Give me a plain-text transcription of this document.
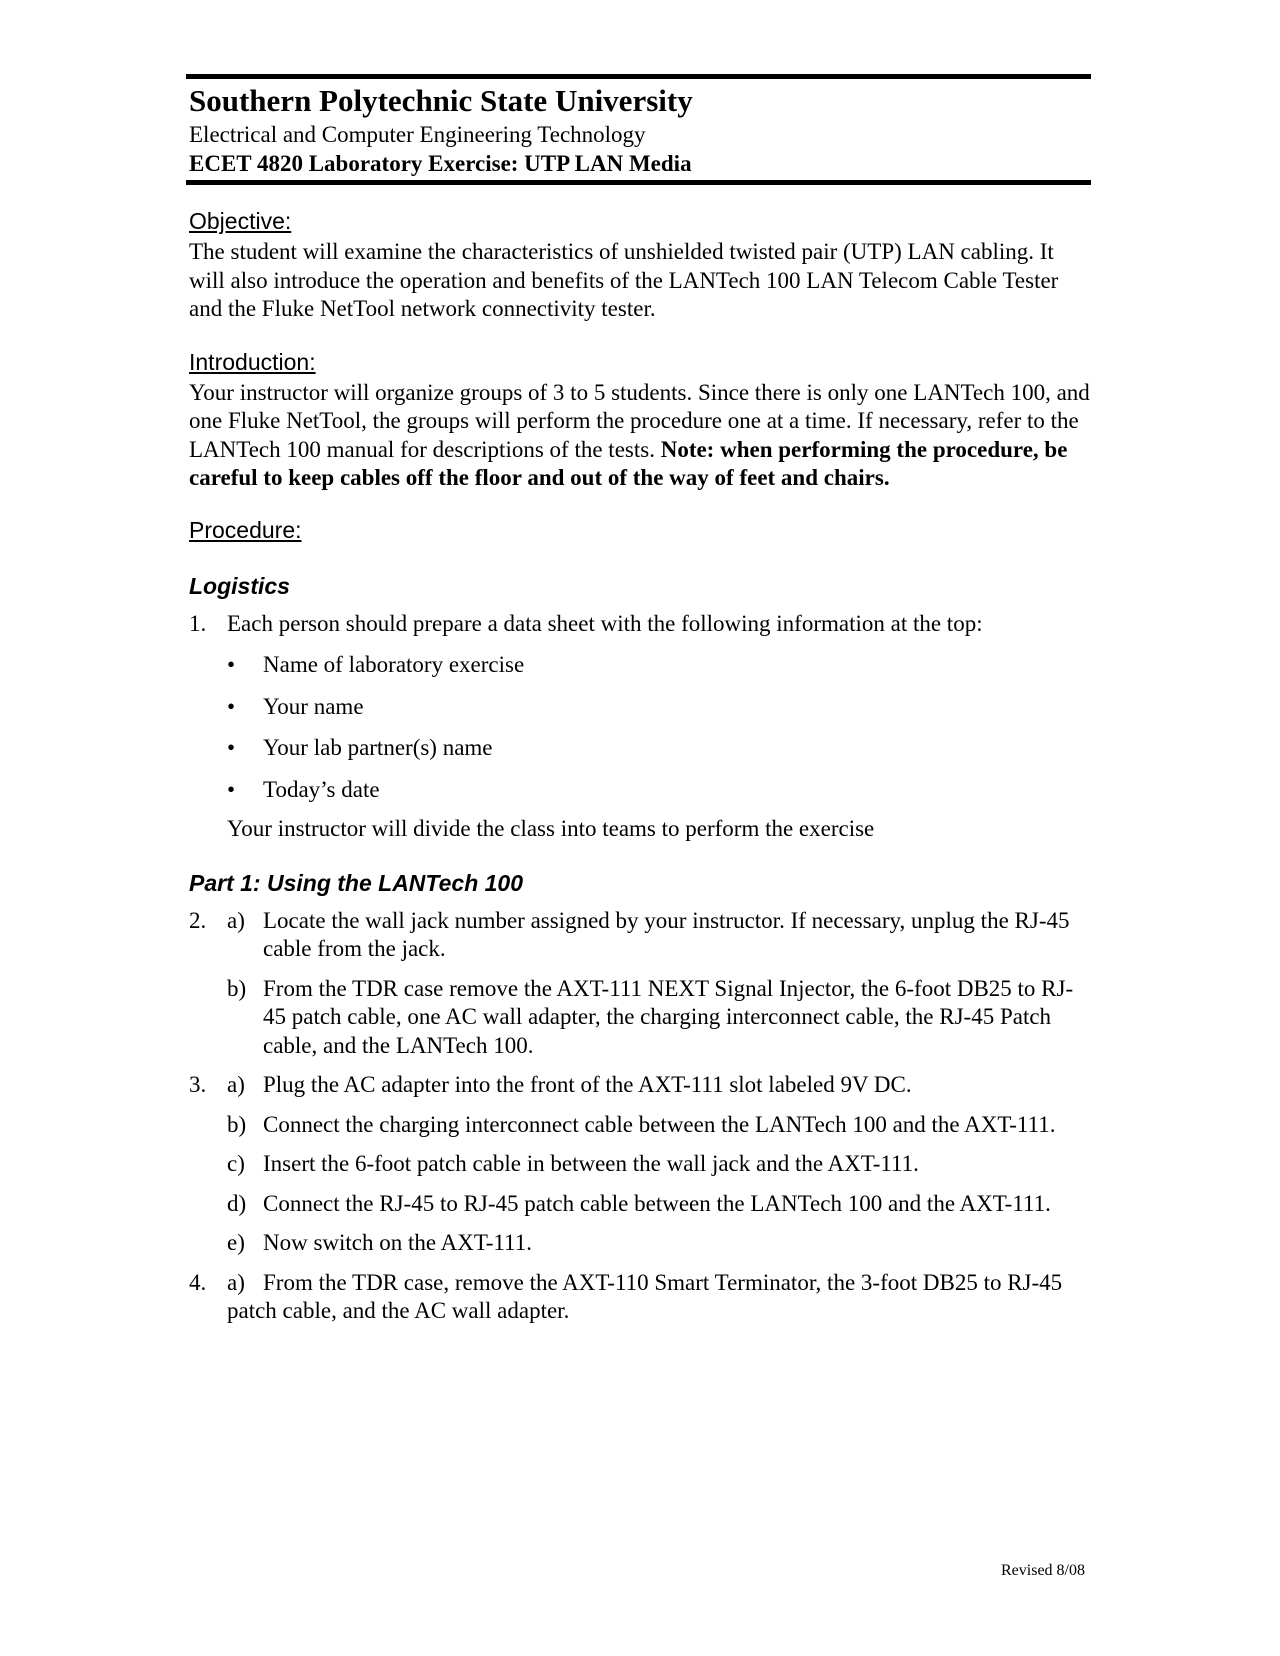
Southern Polytechnic State University
Electrical and Computer Engineering Technology
ECET 4820 Laboratory Exercise: UTP LAN Media
Objective:

The student will examine the characteristics of unshielded twisted pair (UTP) LAN cabling. It will also introduce the operation and benefits of the LANTech 100 LAN Telecom Cable Tester and the Fluke NetTool network connectivity tester.

Introduction:

Your instructor will organize groups of 3 to 5 students. Since there is only one LANTech 100, and one Fluke NetTool, the groups will perform the procedure one at a time. If necessary, refer to the LANTech 100 manual for descriptions of the tests. Note: when performing the procedure, be careful to keep cables off the floor and out of the way of feet and chairs.

Procedure:
Logistics
1. Each person should prepare a data sheet with the following information at the top:
•	Name of laboratory exercise
•	Your name
•	Your lab partner(s) name
•	Today’s date
Your instructor will divide the class into teams to perform the exercise
Part 1: Using the LANTech 100
2. a) Locate the wall jack number assigned by your instructor. If necessary, unplug the RJ-45 cable from the jack.
b) From the TDR case remove the AXT-111 NEXT Signal Injector, the 6-foot DB25 to RJ-45 patch cable, one AC wall adapter, the charging interconnect cable, the RJ-45 Patch cable, and the LANTech 100.
3. a) Plug the AC adapter into the front of the AXT-111 slot labeled 9V DC.
b) Connect the charging interconnect cable between the LANTech 100 and the AXT-111.
c) Insert the 6-foot patch cable in between the wall jack and the AXT-111.
d) Connect the RJ-45 to RJ-45 patch cable between the LANTech 100 and the AXT-111.
e) Now switch on the AXT-111.
4. a) From the TDR case, remove the AXT-110 Smart Terminator, the 3-foot DB25 to RJ-45 patch cable, and the AC wall adapter.
Revised 8/08
